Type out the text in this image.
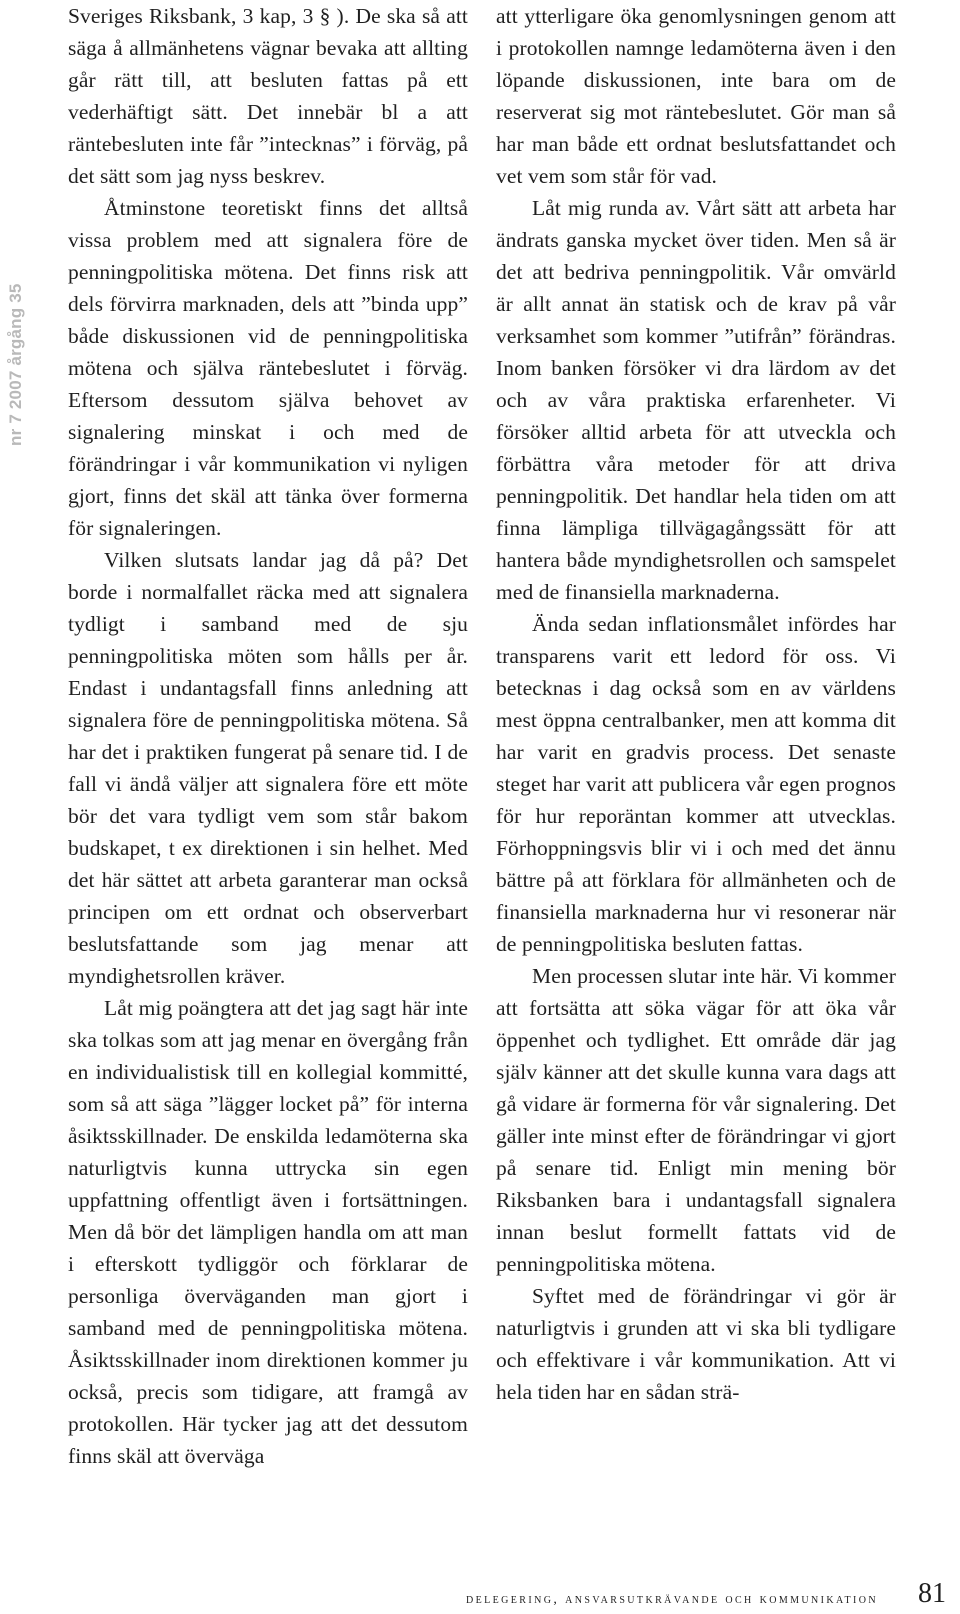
nr 7 2007 årgång 35

Sveriges Riksbank, 3 kap, 3 § ). De ska så att säga å allmänhetens vägnar bevaka att allting går rätt till, att besluten fattas på ett vederhäftigt sätt. Det innebär bl a att räntebesluten inte får ”intecknas” i förväg, på det sätt som jag nyss beskrev.

Åtminstone teoretiskt finns det alltså vissa problem med att signalera före de penningpolitiska mötena. Det finns risk att dels förvirra marknaden, dels att ”binda upp” både diskussionen vid de penningpolitiska mötena och själva räntebeslutet i förväg. Eftersom dessutom själva behovet av signalering minskat i och med de förändringar i vår kommunikation vi nyligen gjort, finns det skäl att tänka över formerna för signaleringen.

Vilken slutsats landar jag då på? Det borde i normalfallet räcka med att signalera tydligt i samband med de sju penningpolitiska möten som hålls per år. Endast i undantagsfall finns anledning att signalera före de penningpolitiska mötena. Så har det i praktiken fungerat på senare tid. I de fall vi ändå väljer att signalera före ett möte bör det vara tydligt vem som står bakom budskapet, t ex direktionen i sin helhet. Med det här sättet att arbeta garanterar man också principen om ett ordnat och observerbart beslutsfattande som jag menar att myndighetsrollen kräver.

Låt mig poängtera att det jag sagt här inte ska tolkas som att jag menar en övergång från en individualistisk till en kollegial kommitté, som så att säga ”lägger locket på” för interna åsiktsskillnader. De enskilda ledamöterna ska naturligtvis kunna uttrycka sin egen uppfattning offentligt även i fortsättningen. Men då bör det lämpligen handla om att man i efterskott tydliggör och förklarar de personliga överväganden man gjort i samband med de penningpolitiska mötena. Åsiktsskillnader inom direktionen kommer ju också, precis som tidigare, att framgå av protokollen. Här tycker jag att det dessutom finns skäl att överväga

att ytterligare öka genomlysningen genom att i protokollen namnge ledamöterna även i den löpande diskussionen, inte bara om de reserverat sig mot räntebeslutet. Gör man så har man både ett ordnat beslutsfattandet och vet vem som står för vad.

Låt mig runda av. Vårt sätt att arbeta har ändrats ganska mycket över tiden. Men så är det att bedriva penningpolitik. Vår omvärld är allt annat än statisk och de krav på vår verksamhet som kommer ”utifrån” förändras. Inom banken försöker vi dra lärdom av det och av våra praktiska erfarenheter. Vi försöker alltid arbeta för att utveckla och förbättra våra metoder för att driva penningpolitik. Det handlar hela tiden om att finna lämpliga tillvägagångssätt för att hantera både myndighetsrollen och samspelet med de finansiella marknaderna.

Ända sedan inflationsmålet infördes har transparens varit ett ledord för oss. Vi betecknas i dag också som en av världens mest öppna centralbanker, men att komma dit har varit en gradvis process. Det senaste steget har varit att publicera vår egen prognos för hur reporäntan kommer att utvecklas. Förhoppningsvis blir vi i och med det ännu bättre på att förklara för allmänheten och de finansiella marknaderna hur vi resonerar när de penningpolitiska besluten fattas.

Men processen slutar inte här. Vi kommer att fortsätta att söka vägar för att öka vår öppenhet och tydlighet. Ett område där jag själv känner att det skulle kunna vara dags att gå vidare är formerna för vår signalering. Det gäller inte minst efter de förändringar vi gjort på senare tid. Enligt min mening bör Riksbanken bara i undantagsfall signalera innan beslut formellt fattats vid de penningpolitiska mötena.

Syftet med de förändringar vi gör är naturligtvis i grunden att vi ska bli tydligare och effektivare i vår kommunikation. Att vi hela tiden har en sådan strä-

delegering, ansvarsutkrävande och kommunikation 81
